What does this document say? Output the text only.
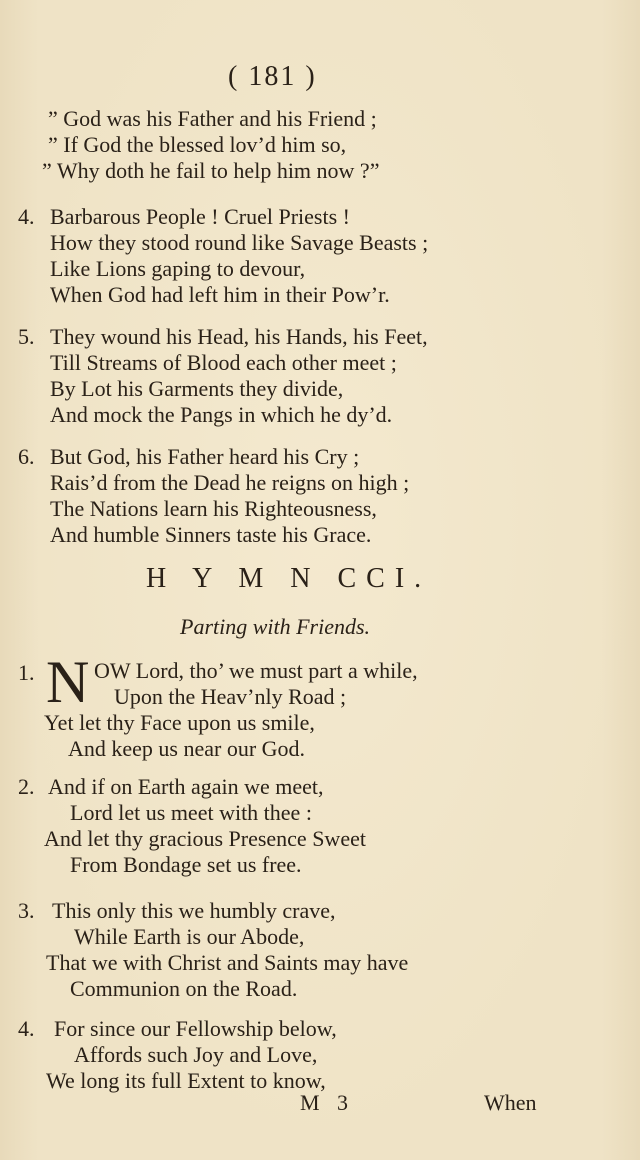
( 181 )
” God was his Father and his Friend ;
” If God the blessed lov’d him so,
” Why doth he fail to help him now ?”
4. Barbarous People ! Cruel Priests !
How they stood round like Savage Beasts ;
Like Lions gaping to devour,
When God had left him in their Pow’r.
5. They wound his Head, his Hands, his Feet,
Till Streams of Blood each other meet ;
By Lot his Garments they divide,
And mock the Pangs in which he dy’d.
6. But God, his Father heard his Cry ;
Rais’d from the Dead he reigns on high ;
The Nations learn his Righteousness,
And humble Sinners taste his Grace.
H Y M N CCI.
Parting with Friends.
1. N OW Lord, tho’ we must part a while,
Upon the Heav’nly Road ;
Yet let thy Face upon us smile,
And keep us near our God.
2. And if on Earth again we meet,
Lord let us meet with thee :
And let thy gracious Presence Sweet
From Bondage set us free.
3. This only this we humbly crave,
While Earth is our Abode,
That we with Christ and Saints may have
Communion on the Road.
4. For since our Fellowship below,
Affords such Joy and Love,
We long its full Extent to know,
M 3	When
